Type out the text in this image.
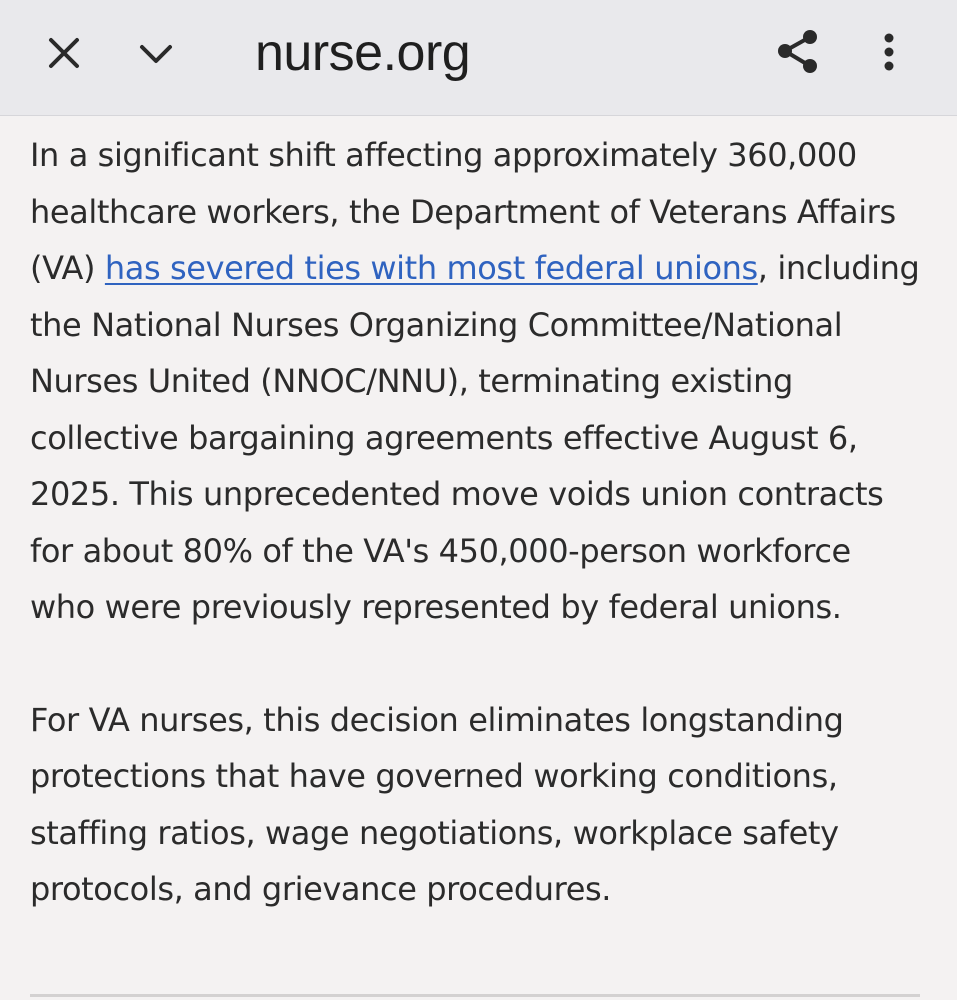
nurse.org

In a significant shift affecting approximately 360,000 healthcare workers, the Department of Veterans Affairs (VA) has severed ties with most federal unions, including the National Nurses Organizing Committee/National Nurses United (NNOC/NNU), terminating existing collective bargaining agreements effective August 6, 2025. This unprecedented move voids union contracts for about 80% of the VA's 450,000-person workforce who were previously represented by federal unions.

For VA nurses, this decision eliminates longstanding protections that have governed working conditions, staffing ratios, wage negotiations, workplace safety protocols, and grievance procedures.
